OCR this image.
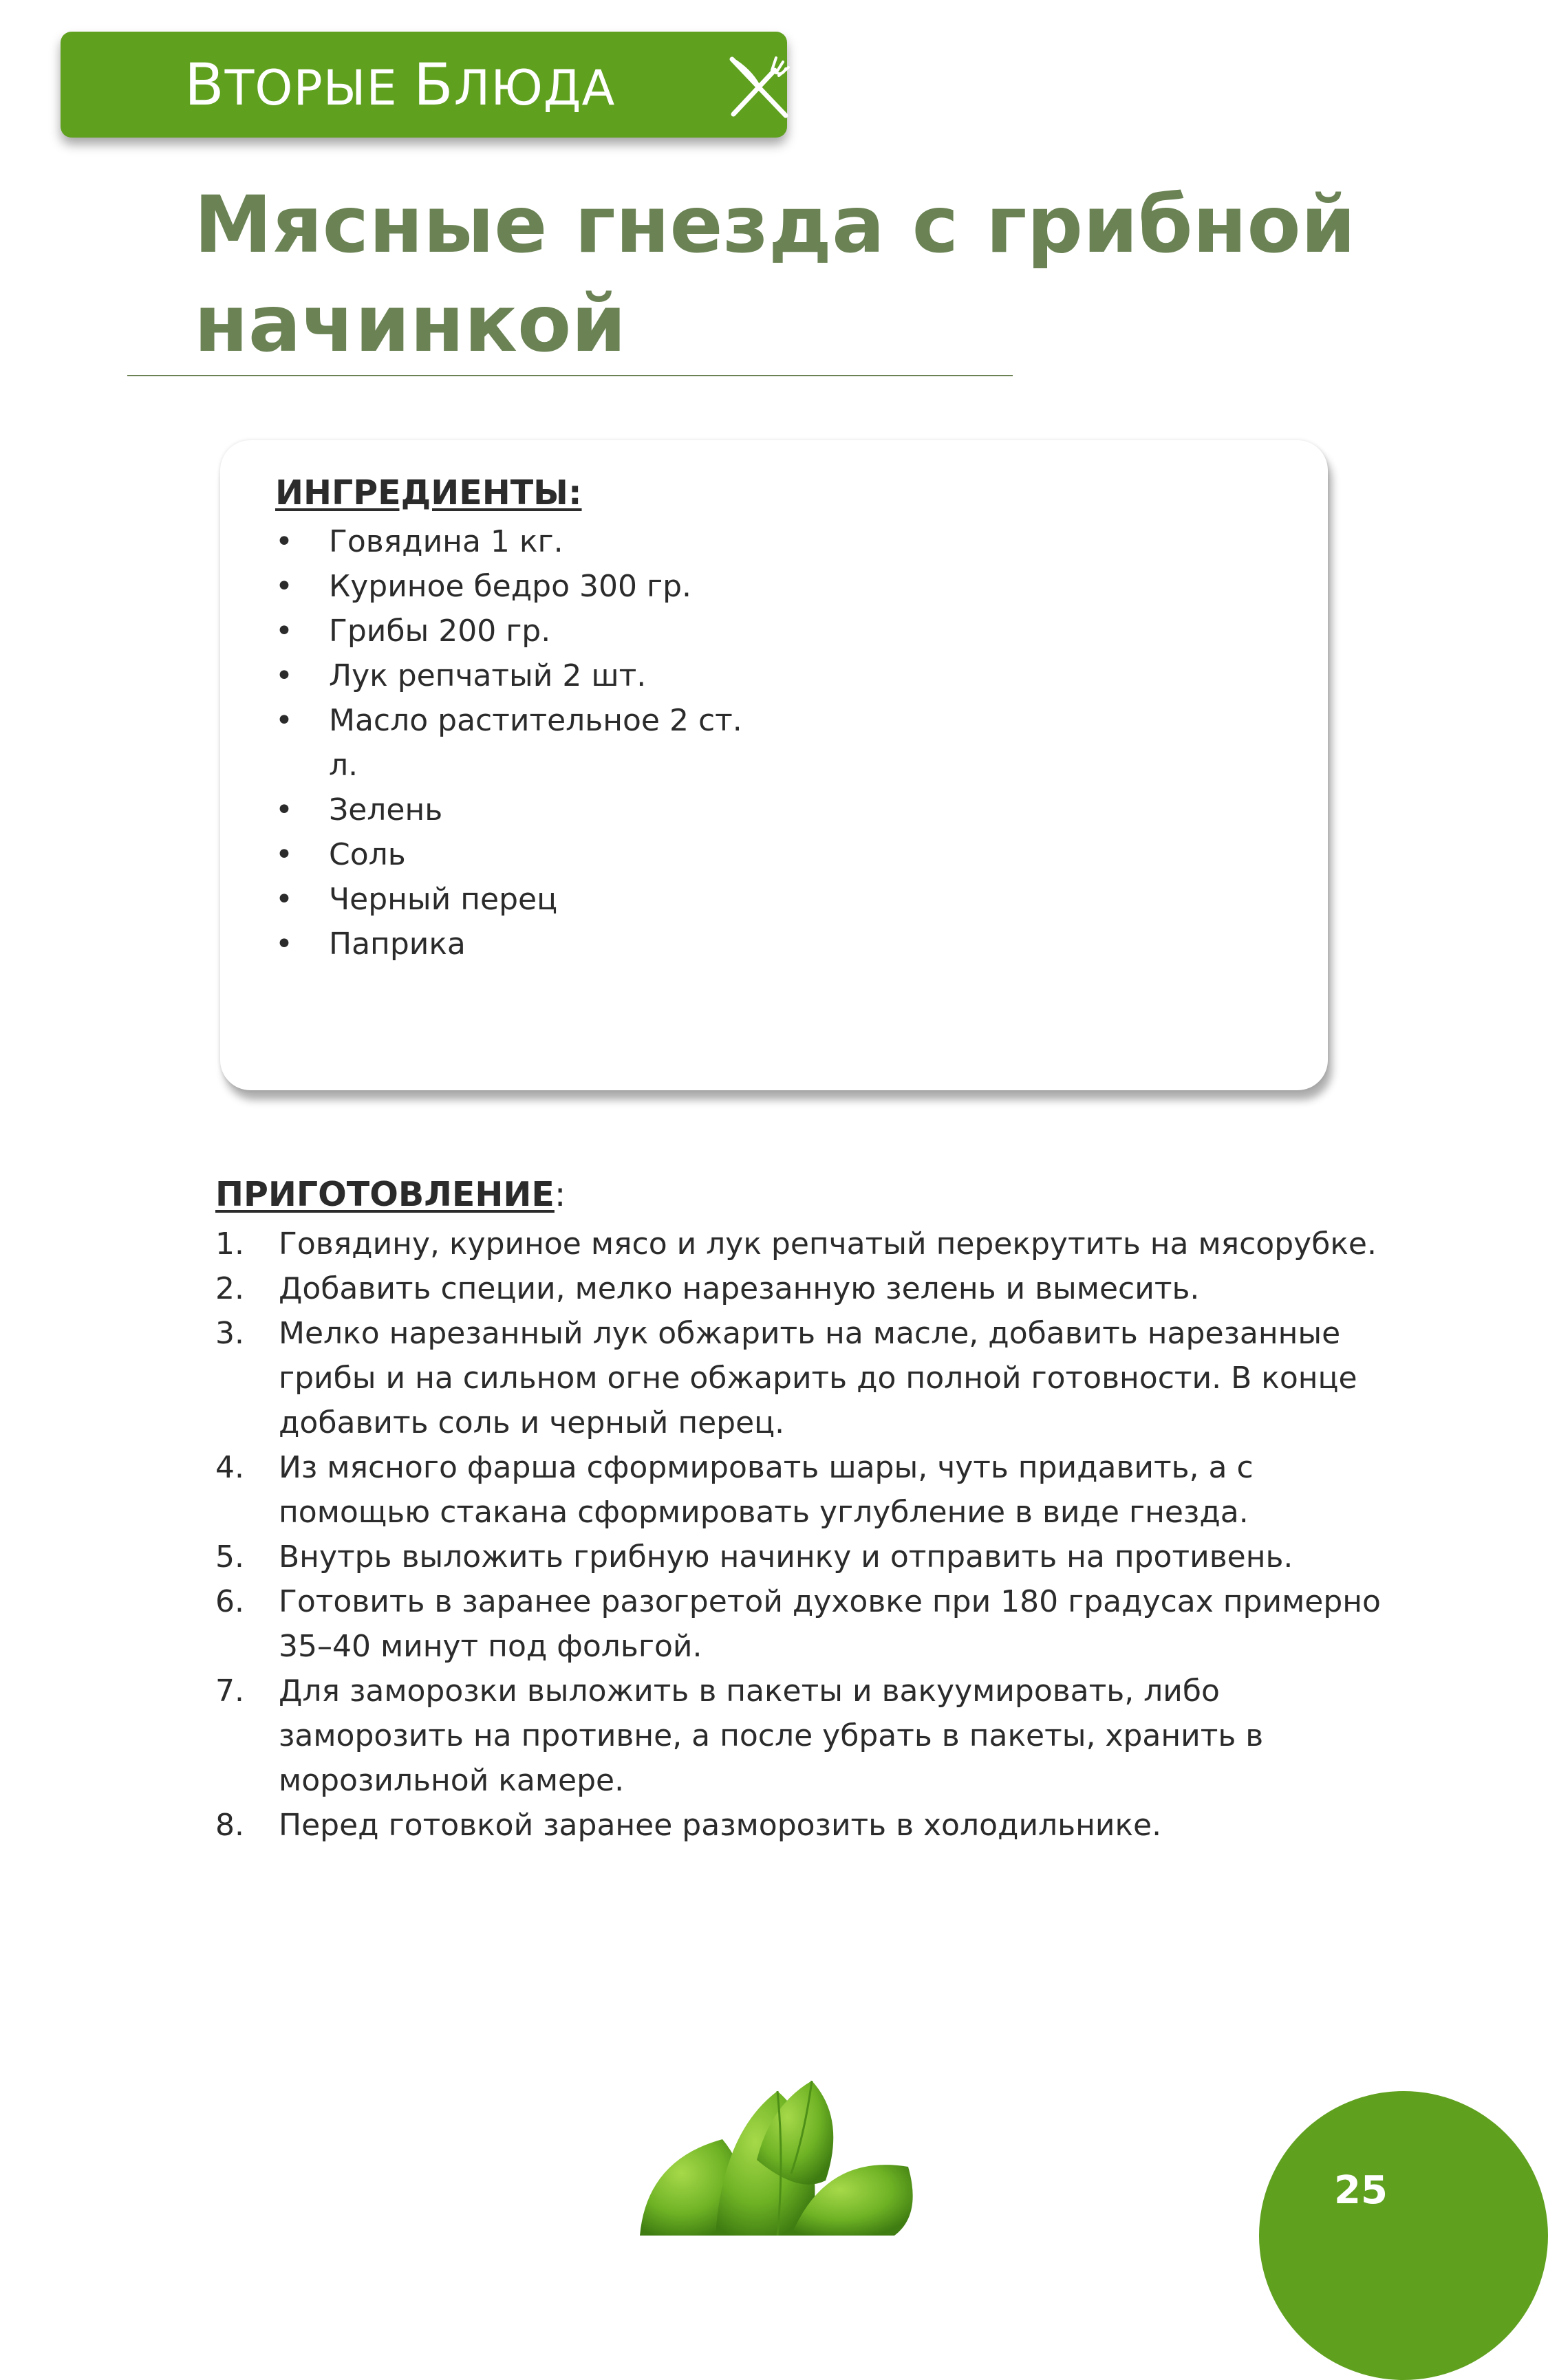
ВТОРЫЕ БЛЮДА
Мясные гнезда с грибной начинкой
ИНГРЕДИЕНТЫ:
• Говядина 1 кг.
• Куриное бедро 300 гр.
• Грибы 200 гр.
• Лук репчатый 2 шт.
• Масло растительное 2 ст. л.
• Зелень
• Соль
• Черный перец
• Паприка
ПРИГОТОВЛЕНИЕ:
1. Говядину, куриное мясо и лук репчатый перекрутить на мясорубке.
2. Добавить специи, мелко нарезанную зелень и вымесить.
3. Мелко нарезанный лук обжарить на масле, добавить нарезанные грибы и на сильном огне обжарить до полной готовности. В конце добавить соль и черный перец.
4. Из мясного фарша сформировать шары, чуть придавить, а с помощью стакана сформировать углубление в виде гнезда.
5. Внутрь выложить грибную начинку и отправить на противень.
6. Готовить в заранее разогретой духовке при 180 градусах примерно 35–40 минут под фольгой.
7. Для заморозки выложить в пакеты и вакуумировать, либо заморозить на противне, а после убрать в пакеты, хранить в морозильной камере.
8. Перед готовкой заранее разморозить в холодильнике.
25
